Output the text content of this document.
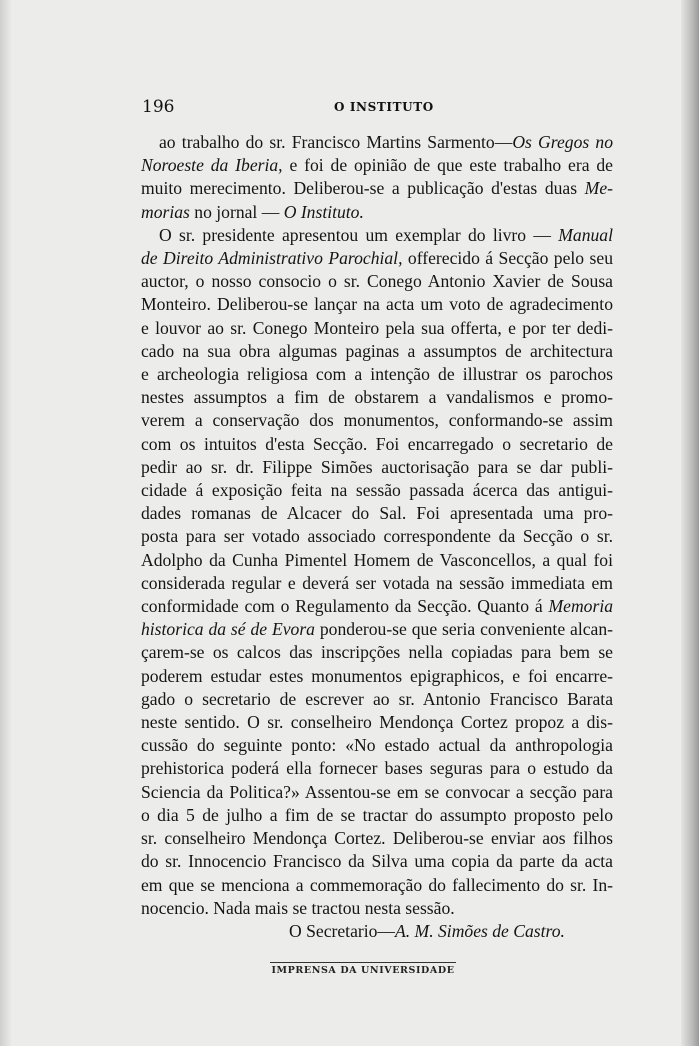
196	O INSTITUTO
ao trabalho do sr. Francisco Martins Sarmento—Os Gregos no
Noroeste da Iberia, e foi de opinião de que este trabalho era de
muito merecimento. Deliberou-se a publicação d'estas duas Me-
morias no jornal — O Instituto.
O sr. presidente apresentou um exemplar do livro — Manual
de Direito Administrativo Parochial, offerecido á Secção pelo seu
auctor, o nosso consocio o sr. Conego Antonio Xavier de Sousa
Monteiro. Deliberou-se lançar na acta um voto de agradecimento
e louvor ao sr. Conego Monteiro pela sua offerta, e por ter dedi-
cado na sua obra algumas paginas a assumptos de architectura
e archeologia religiosa com a intenção de illustrar os parochos
nestes assumptos a fim de obstarem a vandalismos e promo-
verem a conservação dos monumentos, conformando-se assim
com os intuitos d'esta Secção. Foi encarregado o secretario de
pedir ao sr. dr. Filippe Simões auctorisação para se dar publi-
cidade á exposição feita na sessão passada ácerca das antigui-
dades romanas de Alcacer do Sal. Foi apresentada uma pro-
posta para ser votado associado correspondente da Secção o sr.
Adolpho da Cunha Pimentel Homem de Vasconcellos, a qual foi
considerada regular e deverá ser votada na sessão immediata em
conformidade com o Regulamento da Secção. Quanto á Memoria
historica da sé de Evora ponderou-se que seria conveniente alcan-
çarem-se os calcos das inscripções nella copiadas para bem se
poderem estudar estes monumentos epigraphicos, e foi encarre-
gado o secretario de escrever ao sr. Antonio Francisco Barata
neste sentido. O sr. conselheiro Mendonça Cortez propoz a dis-
cussão do seguinte ponto: «No estado actual da anthropologia
prehistorica poderá ella fornecer bases seguras para o estudo da
Sciencia da Politica?» Assentou-se em se convocar a secção para
o dia 5 de julho a fim de se tractar do assumpto proposto pelo
sr. conselheiro Mendonça Cortez. Deliberou-se enviar aos filhos
do sr. Innocencio Francisco da Silva uma copia da parte da acta
em que se menciona a commemoração do fallecimento do sr. In-
nocencio. Nada mais se tractou nesta sessão.
O Secretario—A. M. Simões de Castro.
IMPRENSA DA UNIVERSIDADE
